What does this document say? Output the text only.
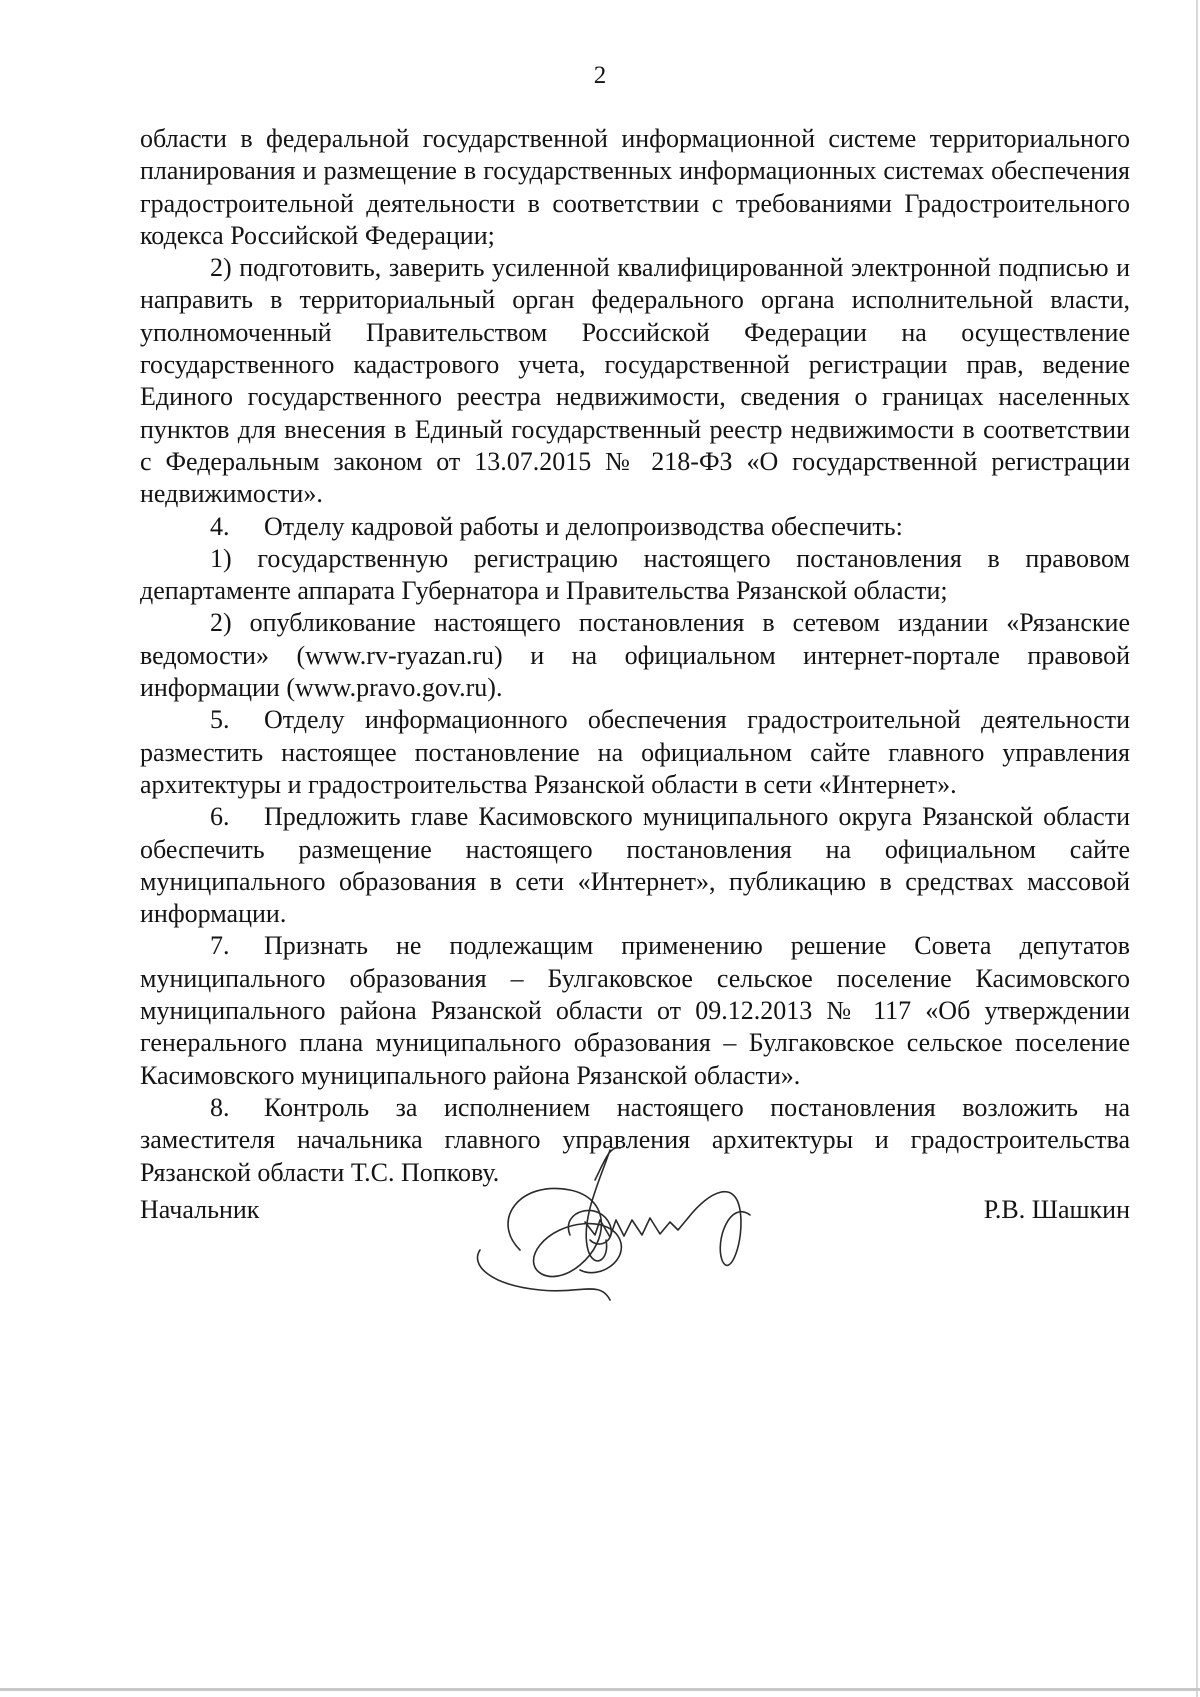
2

области в федеральной государственной информационной системе территориального планирования и размещение в государственных информационных системах обеспечения градостроительной деятельности в соответствии с требованиями Градостроительного кодекса Российской Федерации;

2) подготовить, заверить усиленной квалифицированной электронной подписью и направить в территориальный орган федерального органа исполнительной власти, уполномоченный Правительством Российской Федерации на осуществление государственного кадастрового учета, государственной регистрации прав, ведение Единого государственного реестра недвижимости, сведения о границах населенных пунктов для внесения в Единый государственный реестр недвижимости в соответствии с Федеральным законом от 13.07.2015 № 218-ФЗ «О государственной регистрации недвижимости».

4. Отделу кадровой работы и делопроизводства обеспечить:

1) государственную регистрацию настоящего постановления в правовом департаменте аппарата Губернатора и Правительства Рязанской области;

2) опубликование настоящего постановления в сетевом издании «Рязанские ведомости» (www.rv-ryazan.ru) и на официальном интернет-портале правовой информации (www.pravo.gov.ru).

5. Отделу информационного обеспечения градостроительной деятельности разместить настоящее постановление на официальном сайте главного управления архитектуры и градостроительства Рязанской области в сети «Интернет».

6. Предложить главе Касимовского муниципального округа Рязанской области обеспечить размещение настоящего постановления на официальном сайте муниципального образования в сети «Интернет», публикацию в средствах массовой информации.

7. Признать не подлежащим применению решение Совета депутатов муниципального образования – Булгаковское сельское поселение Касимовского муниципального района Рязанской области от 09.12.2013 № 117 «Об утверждении генерального плана муниципального образования – Булгаковское сельское поселение Касимовского муниципального района Рязанской области».

8. Контроль за исполнением настоящего постановления возложить на заместителя начальника главного управления архитектуры и градостроительства Рязанской области Т.С. Попкову.

Начальник	Р.В. Шашкин
